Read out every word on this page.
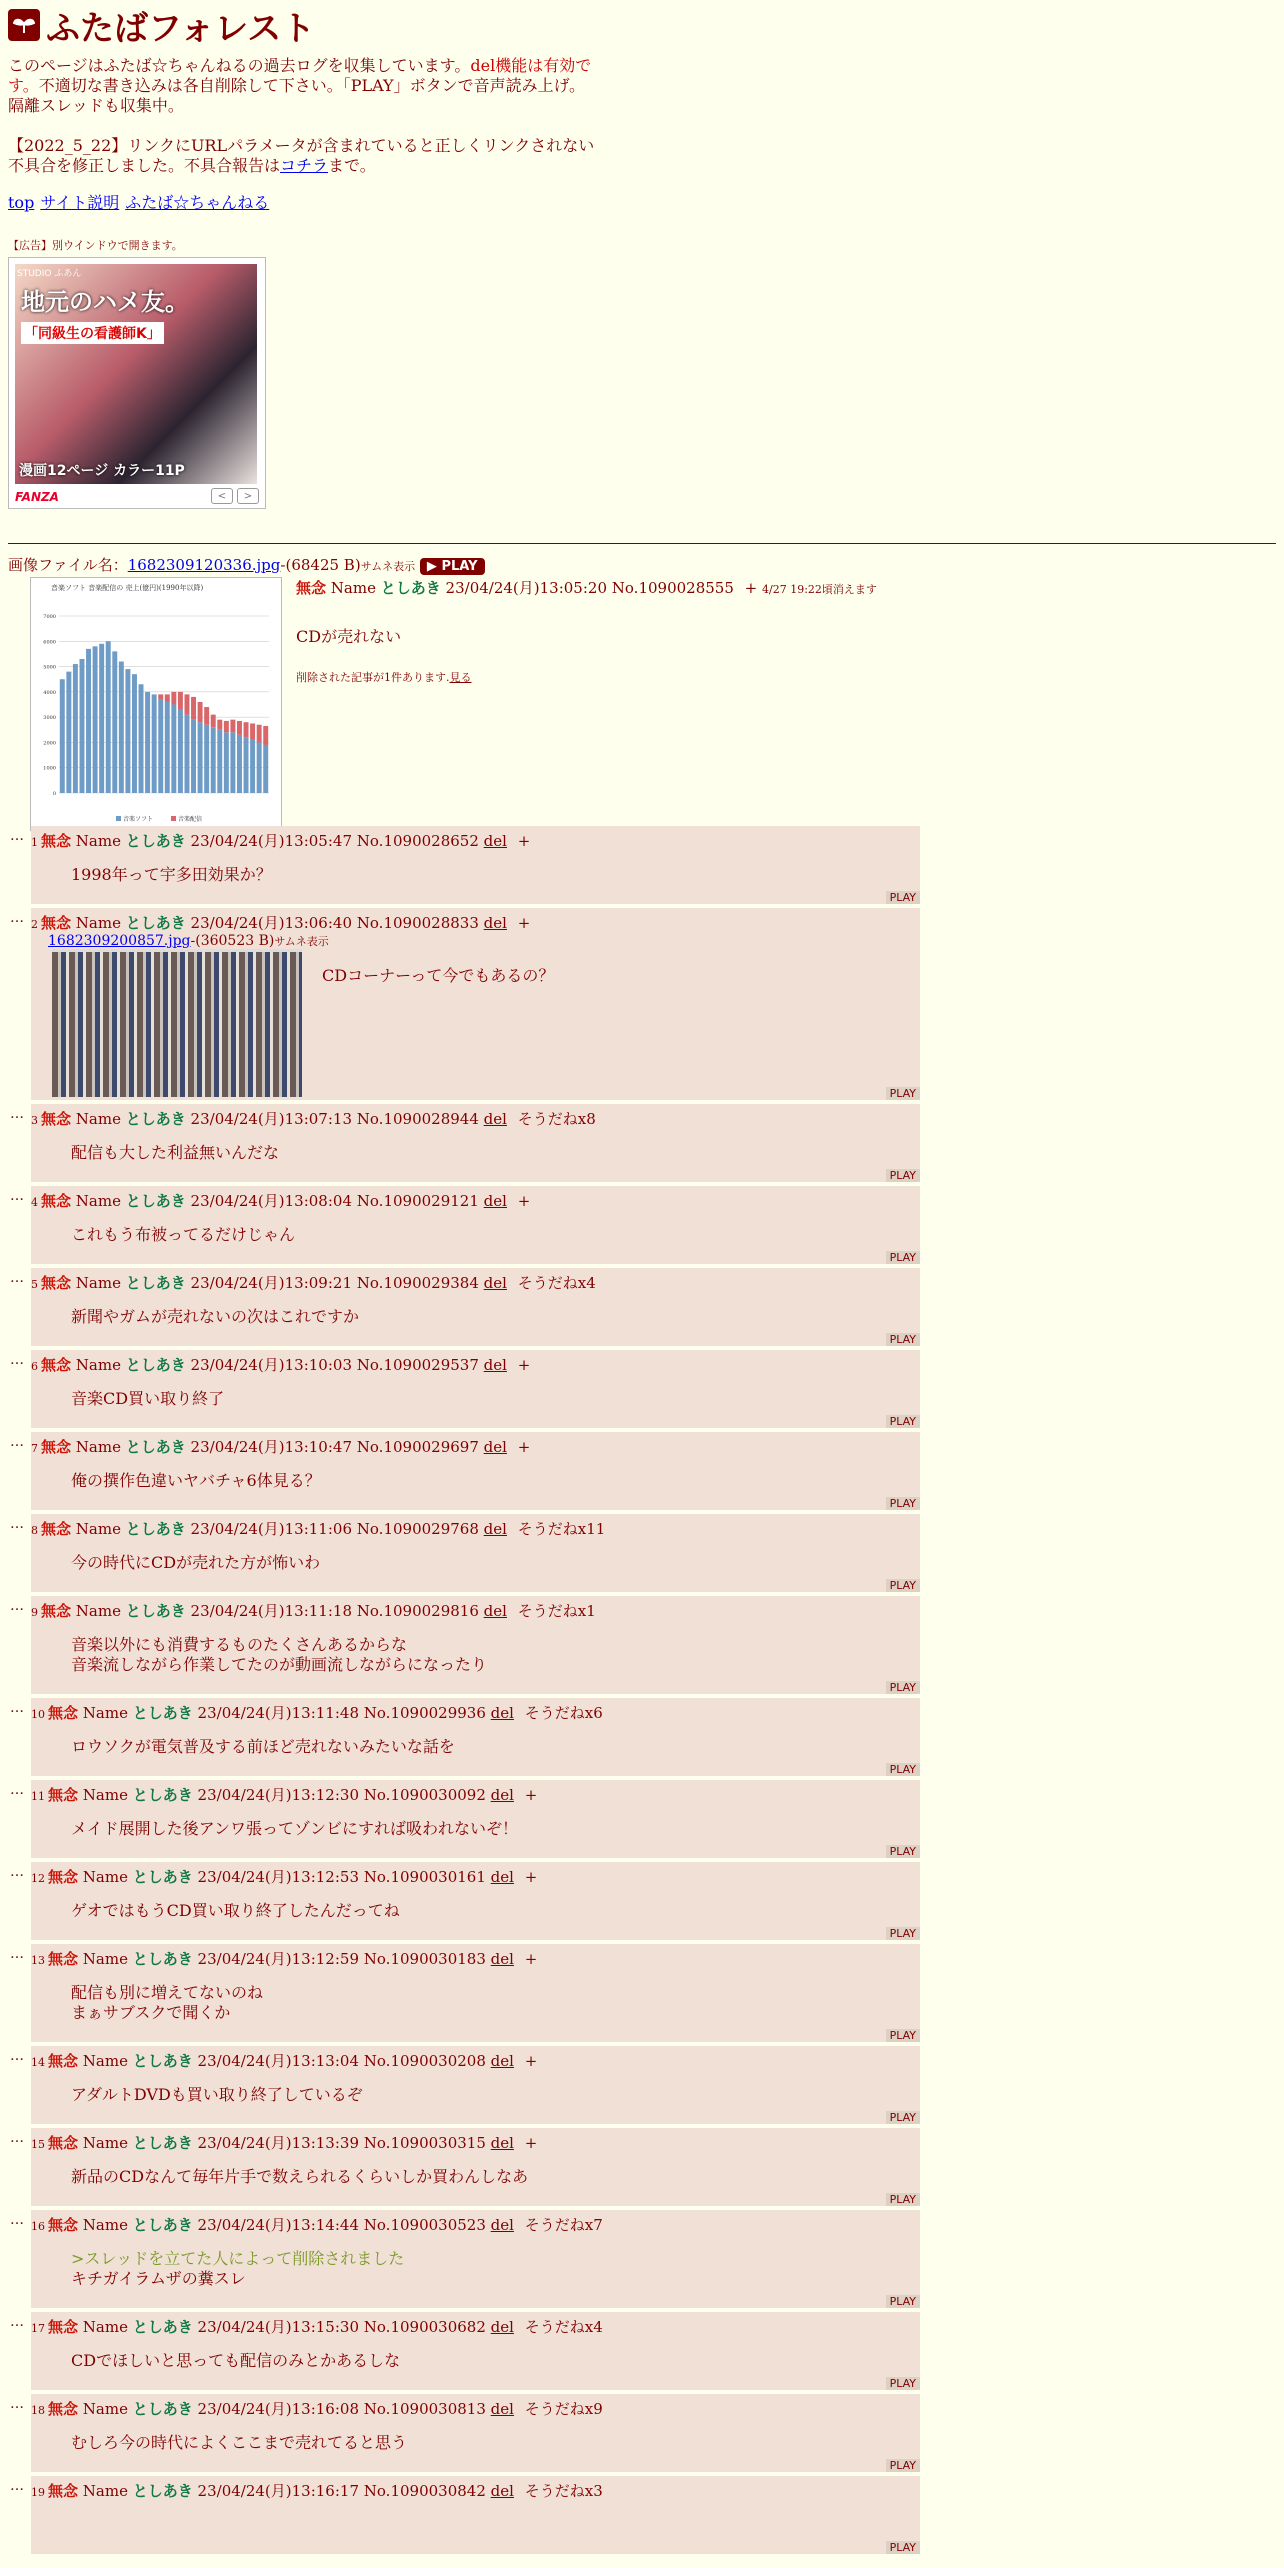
ふたばフォレスト
このページはふたば☆ちゃんねるの過去ログを収集しています。del機能は有効です。不適切な書き込みは各自削除して下さい。「PLAY」ボタンで音声読み上げ。隔離スレッドも収集中。
【2022_5_22】リンクにURLパラメータが含まれていると正しくリンクされない不具合を修正しました。不具合報告はコチラまで。
top サイト説明 ふたば☆ちゃんねる
【広告】別ウインドウで開きます。
STUDIO ふあん
地元のハメ友。
「同級生の看護師K」
漫画12ページ カラー11P
FANZA	<	>
画像ファイル名：1682309120336.jpg-(68425 B)サムネ表示 ▶
PLAY
音楽ソフト 音楽配信の 売上(億円)(1990年以降)
7000
6000
5000
4000
3000
2000
1000
0
音楽ソフト	音楽配信
無念 Name としあき 23/04/24(月)13:05:20 No.1090028555 + 4/27 19:22頃消えます
CDが売れない
削除された記事が1件あります.見る
… 1 無念 Name としあき 23/04/24(月)13:05:47 No.1090028652 del +
1998年って宇多田効果か？
PLAY
… 2 無念 Name としあき 23/04/24(月)13:06:40 No.1090028833 del +
1682309200857.jpg-(360523 B)サムネ表示
CDコーナーって今でもあるの？
PLAY
… 3 無念 Name としあき 23/04/24(月)13:07:13 No.1090028944 del そうだねx8
配信も大した利益無いんだな
PLAY
… 4 無念 Name としあき 23/04/24(月)13:08:04 No.1090029121 del +
これもう布被ってるだけじゃん
PLAY
… 5 無念 Name としあき 23/04/24(月)13:09:21 No.1090029384 del そうだねx4
新聞やガムが売れないの次はこれですか
PLAY
… 6 無念 Name としあき 23/04/24(月)13:10:03 No.1090029537 del +
音楽CD買い取り終了
PLAY
… 7 無念 Name としあき 23/04/24(月)13:10:47 No.1090029697 del +
俺の撰作色違いヤバチャ6体見る？
PLAY
… 8 無念 Name としあき 23/04/24(月)13:11:06 No.1090029768 del そうだねx11
今の時代にCDが売れた方が怖いわ
PLAY
… 9 無念 Name としあき 23/04/24(月)13:11:18 No.1090029816 del そうだねx1
音楽以外にも消費するものたくさんあるからな
音楽流しながら作業してたのが動画流しながらになったり
PLAY
… 10 無念 Name としあき 23/04/24(月)13:11:48 No.1090029936 del そうだねx6
ロウソクが電気普及する前ほど売れないみたいな話を
PLAY
… 11 無念 Name としあき 23/04/24(月)13:12:30 No.1090030092 del +
メイド展開した後アンワ張ってゾンビにすれば吸われないぞ！
PLAY
… 12 無念 Name としあき 23/04/24(月)13:12:53 No.1090030161 del +
ゲオではもうCD買い取り終了したんだってね
PLAY
… 13 無念 Name としあき 23/04/24(月)13:12:59 No.1090030183 del +
配信も別に増えてないのね
まぁサブスクで聞くか
PLAY
… 14 無念 Name としあき 23/04/24(月)13:13:04 No.1090030208 del +
アダルトDVDも買い取り終了しているぞ
PLAY
… 15 無念 Name としあき 23/04/24(月)13:13:39 No.1090030315 del +
新品のCDなんて毎年片手で数えられるくらいしか買わんしなあ
PLAY
… 16 無念 Name としあき 23/04/24(月)13:14:44 No.1090030523 del そうだねx7
>スレッドを立てた人によって削除されました
キチガイラムザの糞スレ
PLAY
… 17 無念 Name としあき 23/04/24(月)13:15:30 No.1090030682 del そうだねx4
CDでほしいと思っても配信のみとかあるしな
PLAY
… 18 無念 Name としあき 23/04/24(月)13:16:08 No.1090030813 del そうだねx9
むしろ今の時代によくここまで売れてると思う
PLAY
… 19 無念 Name としあき 23/04/24(月)13:16:17 No.1090030842 del そうだねx3
PLAY
